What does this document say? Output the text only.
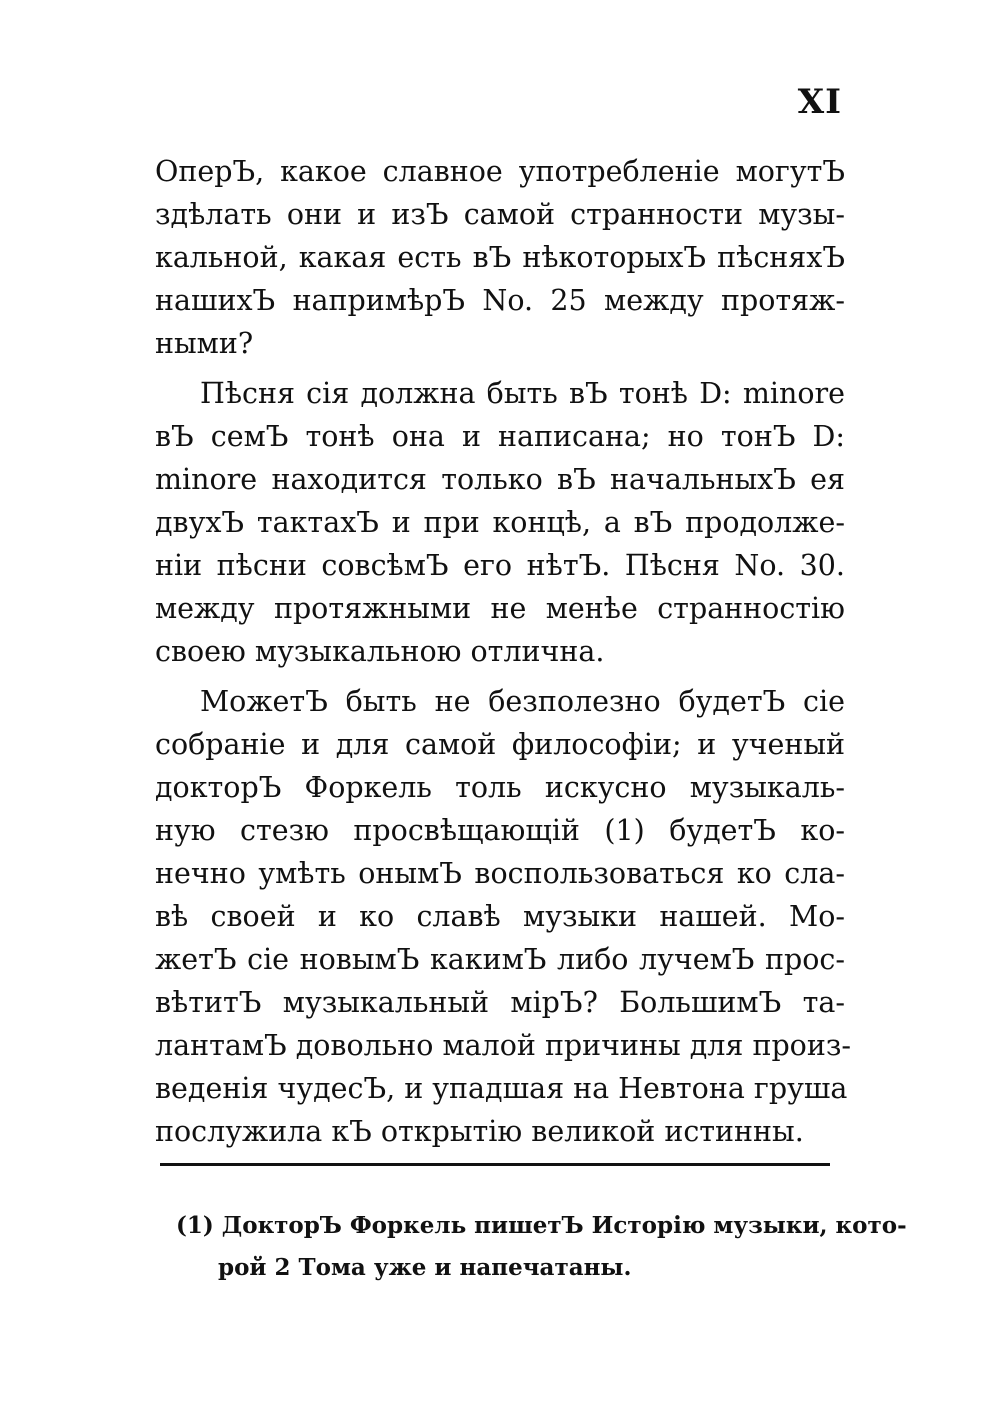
XI
ОперЪ, какое славное употребленіе могутЪ
здѣлать они и изЪ самой странности музы-
кальной, какая есть вЪ нѣкоторыхЪ пѣсняхЪ
нашихЪ напримѣрЪ No. 25 между протяж-
ными?
Пѣсня сія должна быть вЪ тонѣ D: minore
вЪ семЪ тонѣ она и написана; но тонЪ D:
minore находится только вЪ начальныхЪ ея
двухЪ тактахЪ и при концѣ, а вЪ продолже-
ніи пѣсни совсѣмЪ его нѣтЪ. Пѣсня No. 30.
между протяжными не менѣе странностію
своею музыкальною отлична.
МожетЪ быть не безполезно будетЪ сіе
собраніе и для самой философіи; и ученый
докторЪ Форкель толь искусно музыкаль-
ную стезю просвѣщающій (1) будетЪ ко-
нечно умѣть онымЪ воспользоваться ко сла-
вѣ своей и ко славѣ музыки нашей. Мо-
жетЪ сіе новымЪ какимЪ либо лучемЪ прос-
вѣтитЪ музыкальный мірЪ? БольшимЪ та-
лантамЪ довольно малой причины для произ-
веденія чудесЪ, и упадшая на Невтона груша
послужила кЪ открытію великой истинны.
(1) ДокторЪ Форкель пишетЪ Исторію музыки, кото-
рой 2 Тома уже и напечатаны.
